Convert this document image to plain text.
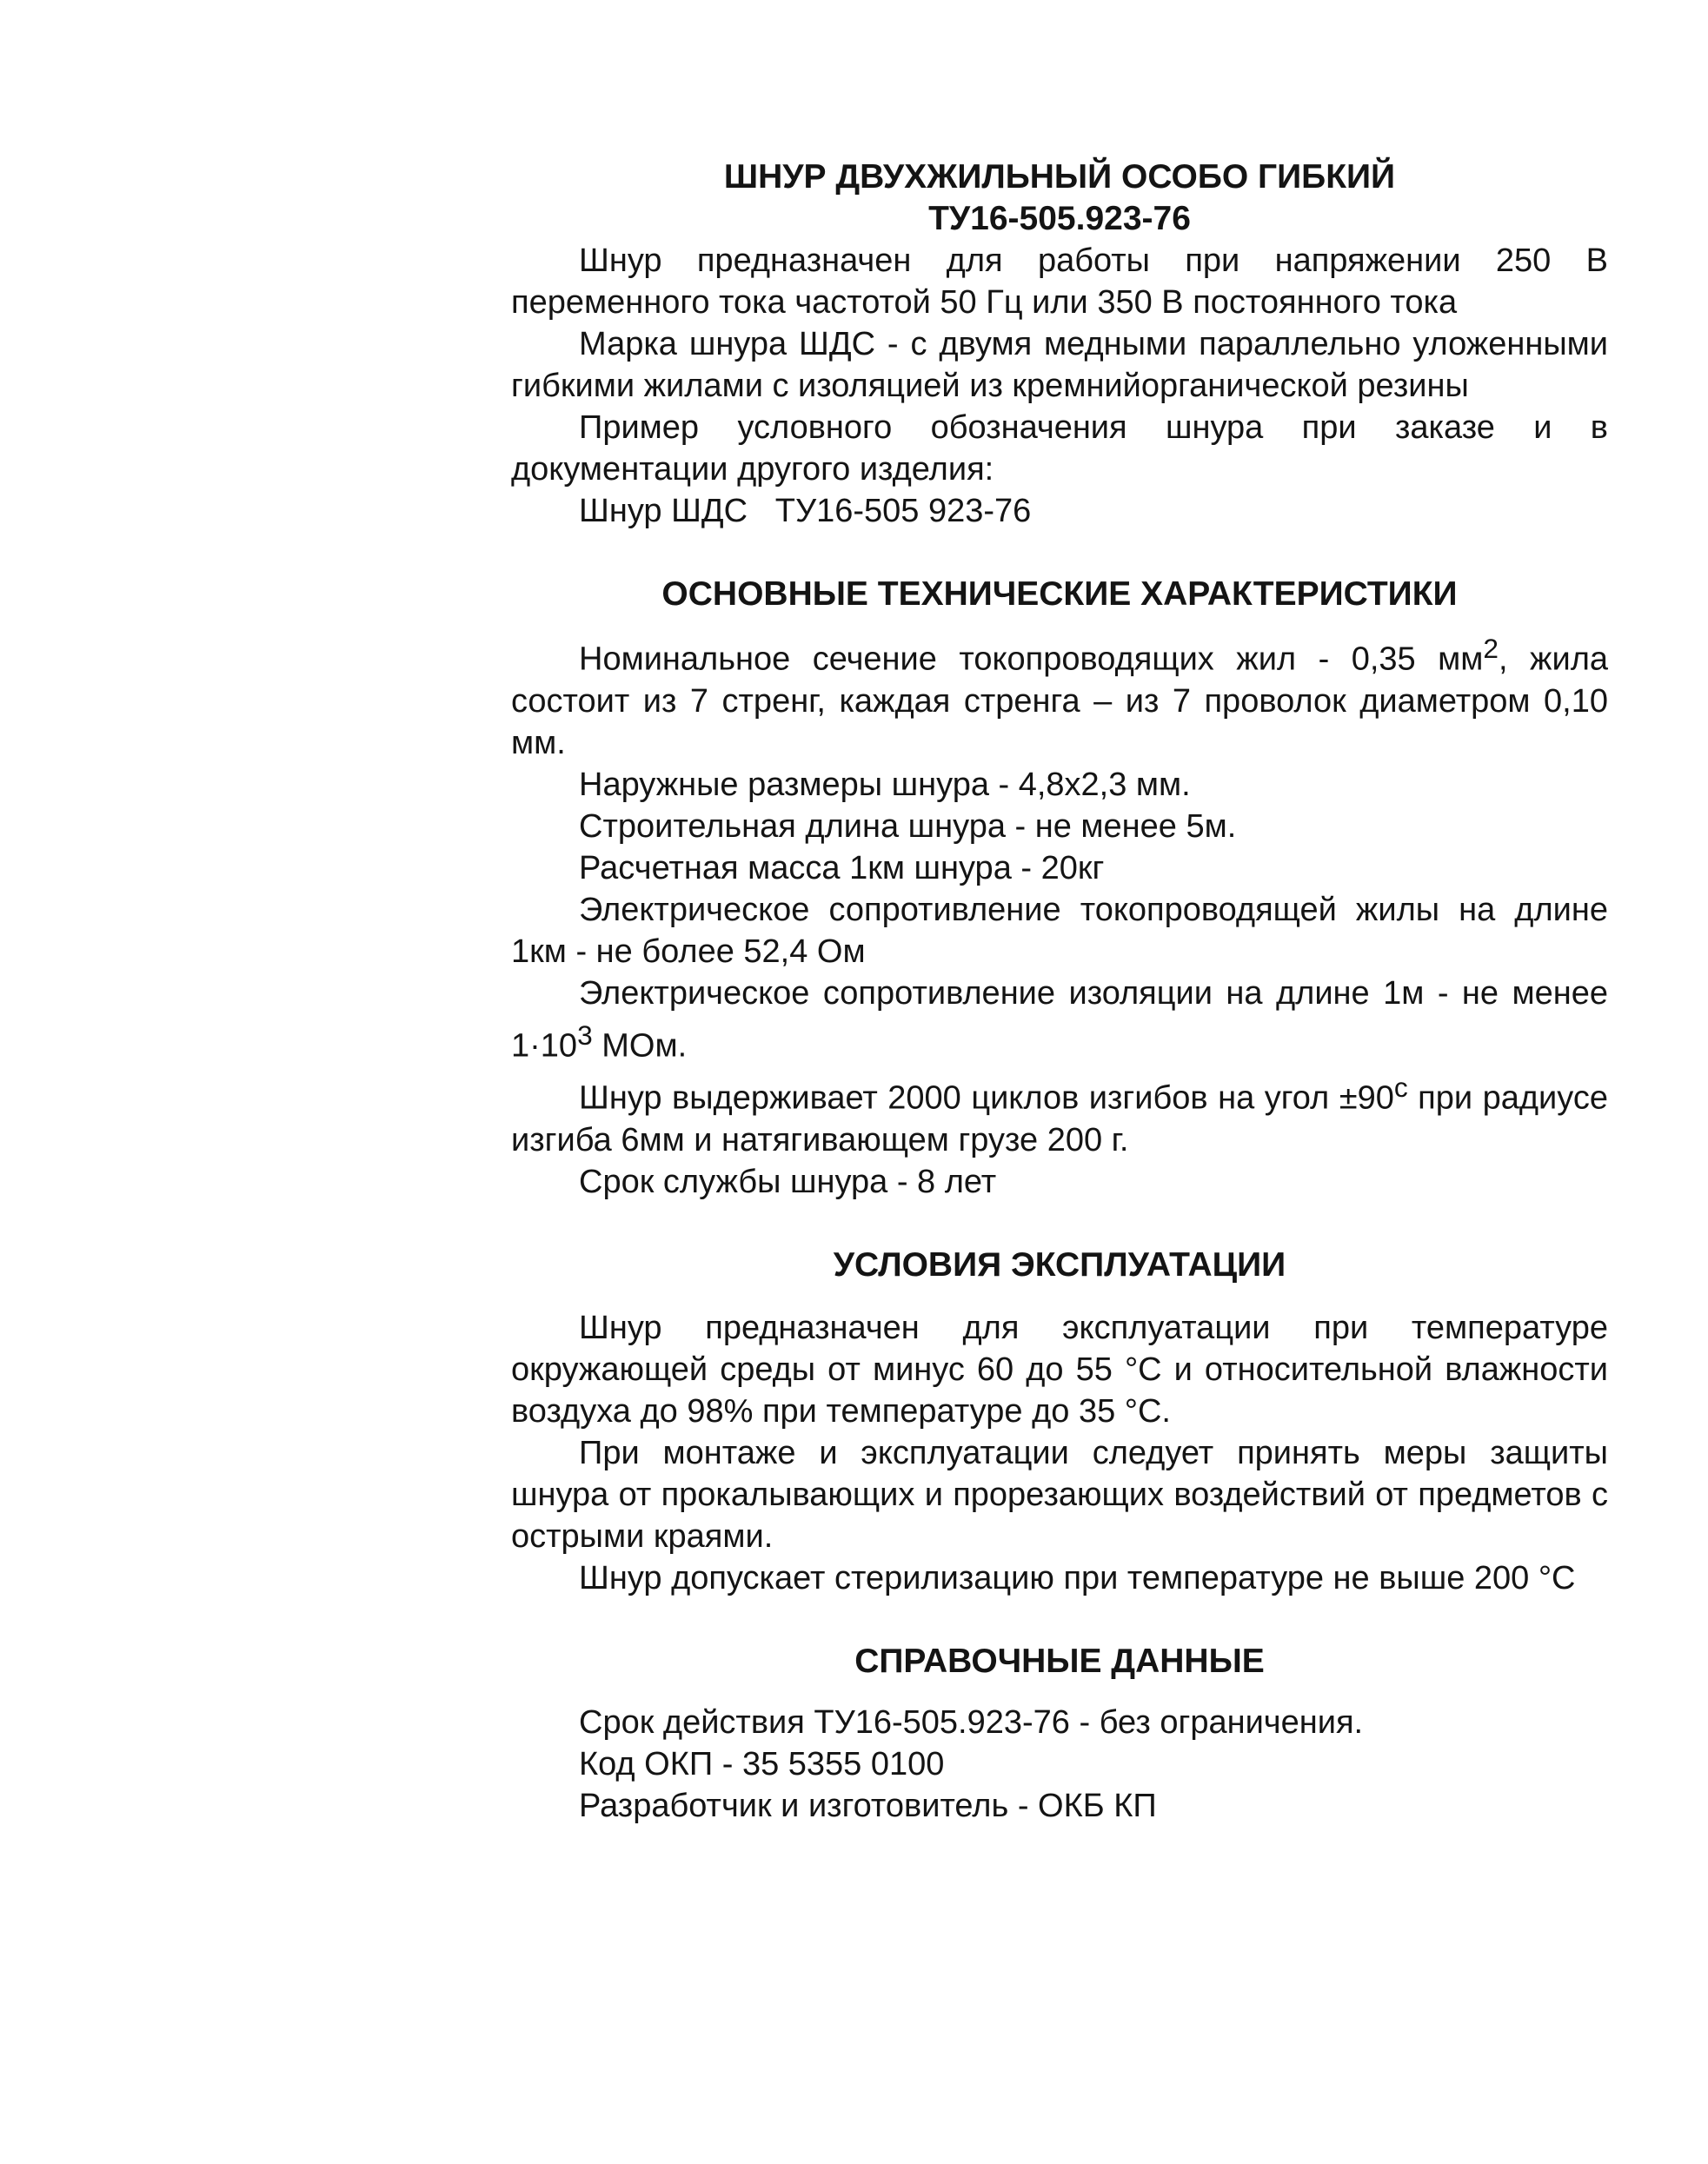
ШНУР ДВУХЖИЛЬНЫЙ ОСОБО ГИБКИЙ
ТУ16-505.923-76

Шнур предназначен для работы при напряжении 250 В переменного тока частотой 50 Гц или 350 В постоянного тока

Марка шнура ШДС - с двумя медными параллельно уложенными гибкими жилами с изоляцией из кремнийорганической резины

Пример условного обозначения шнура при заказе и в документации другого изделия:

Шнур ШДС   ТУ16-505 923-76
ОСНОВНЫЕ ТЕХНИЧЕСКИЕ ХАРАКТЕРИСТИКИ

Номинальное сечение токопроводящих жил - 0,35 $мм^2$, жила состоит из 7 стренг, каждая стренга – из 7 проволок диаметром 0,10 мм.

Наружные размеры шнура - 4,8х2,3 мм.

Строительная длина шнура - не менее 5м.

Расчетная масса 1км шнура - 20кг

Электрическое сопротивление токопроводящей жилы на длине 1км - не более 52,4 Ом

Электрическое сопротивление изоляции на длине 1м - не менее $1\cdot 10^3$ МОм.

Шнур выдерживает 2000 циклов изгибов на угол $\pm 90^с$ при радиусе изгиба 6мм и натягивающем грузе 200 г.

Срок службы шнура - 8 лет

УСЛОВИЯ ЭКСПЛУАТАЦИИ

Шнур предназначен для эксплуатации при температуре окружающей среды от минус 60 до 55 °С и относительной влажности воздуха до 98% при температуре до 35 °С.

При монтаже и эксплуатации следует принять меры защиты шнура от прокалывающих и прорезающих воздействий от предметов с острыми краями.

Шнур допускает стерилизацию при температуре не выше 200 °С

СПРАВОЧНЫЕ ДАННЫЕ
Срок действия ТУ16-505.923-76 - без ограничения.
Код ОКП - 35 5355 0100
Разработчик и изготовитель - ОКБ КП
